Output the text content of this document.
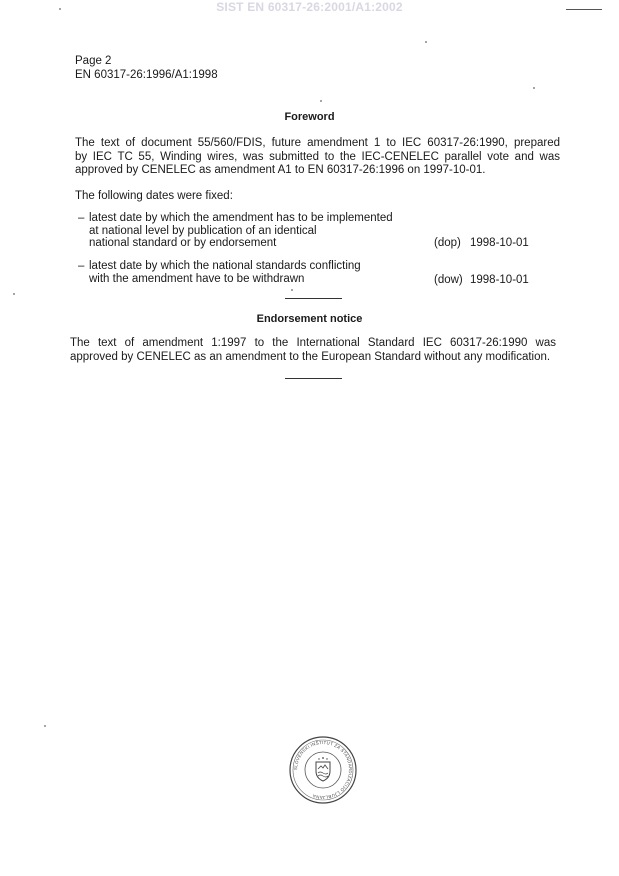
SIST EN 60317-26:2001/A1:2002
Page 2
EN 60317-26:1996/A1:1998
Foreword
The text of document 55/560/FDIS, future amendment 1 to IEC 60317-26:1990, prepared
by IEC TC 55, Winding wires, was submitted to the IEC-CENELEC parallel vote and was
approved by CENELEC as amendment A1 to EN 60317-26:1996 on 1997-10-01.
The following dates were fixed:
– latest date by which the amendment has to be implemented
at national level by publication of an identical
national standard or by endorsement	(dop) 1998-10-01
– latest date by which the national standards conflicting
with the amendment have to be withdrawn	(dow) 1998-10-01
Endorsement notice
The text of amendment 1:1997 to the International Standard IEC 60317-26:1990 was
approved by CENELEC as an amendment to the European Standard without any modification.
SLOVENSKI INŠTITUT ZA STANDARDIZACIJO LJUBLJANA
